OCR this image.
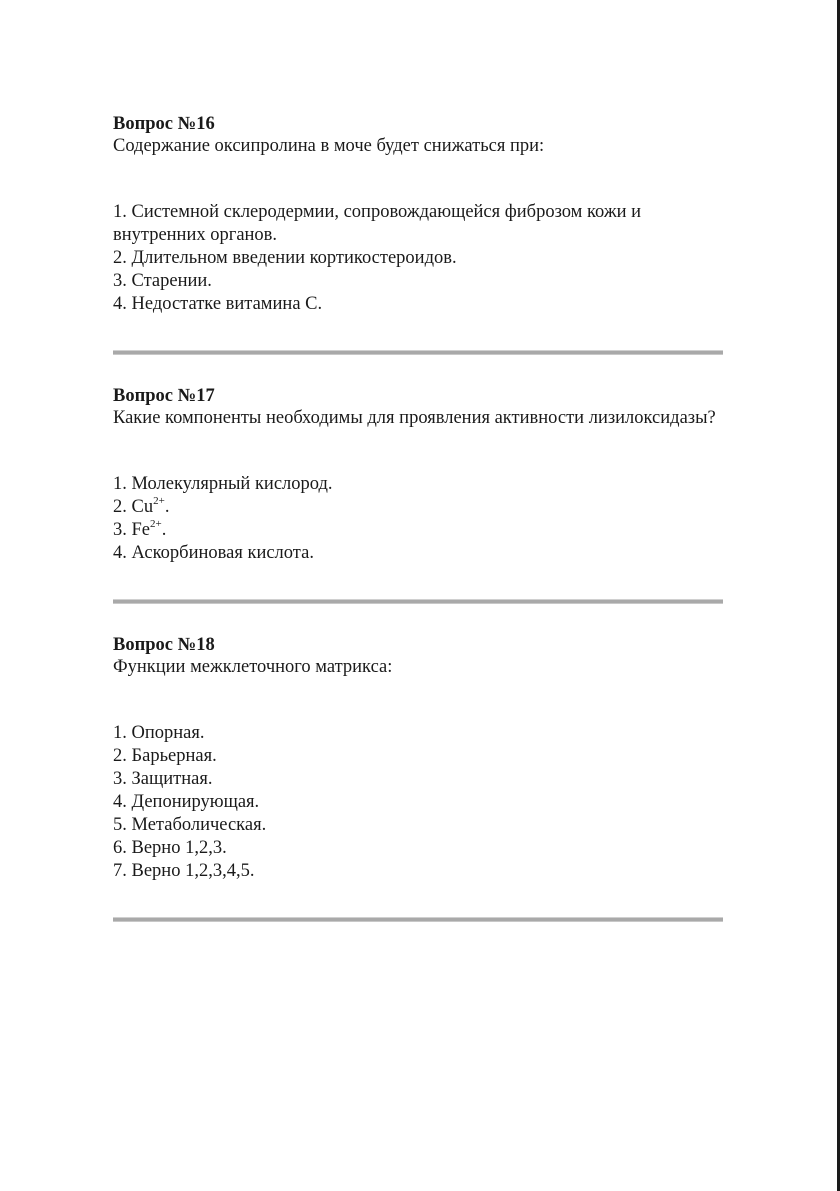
Вопрос №16

Содержание оксипролина в моче будет снижаться при:

1. Системной склеродермии, сопровождающейся фиброзом кожи и внутренних органов.
2. Длительном введении кортикостероидов.
3. Старении.
4. Недостатке витамина С.

Вопрос №17

Какие компоненты необходимы для проявления активности лизилоксидазы?

1. Молекулярный кислород.
2. $Cu^{2+}$.
3. $Fe^{2+}$.
4. Аскорбиновая кислота.

Вопрос №18

Функции межклеточного матрикса:

1. Опорная.
2. Барьерная.
3. Защитная.
4. Депонирующая.
5. Метаболическая.
6. Верно 1,2,3.
7. Верно 1,2,3,4,5.
